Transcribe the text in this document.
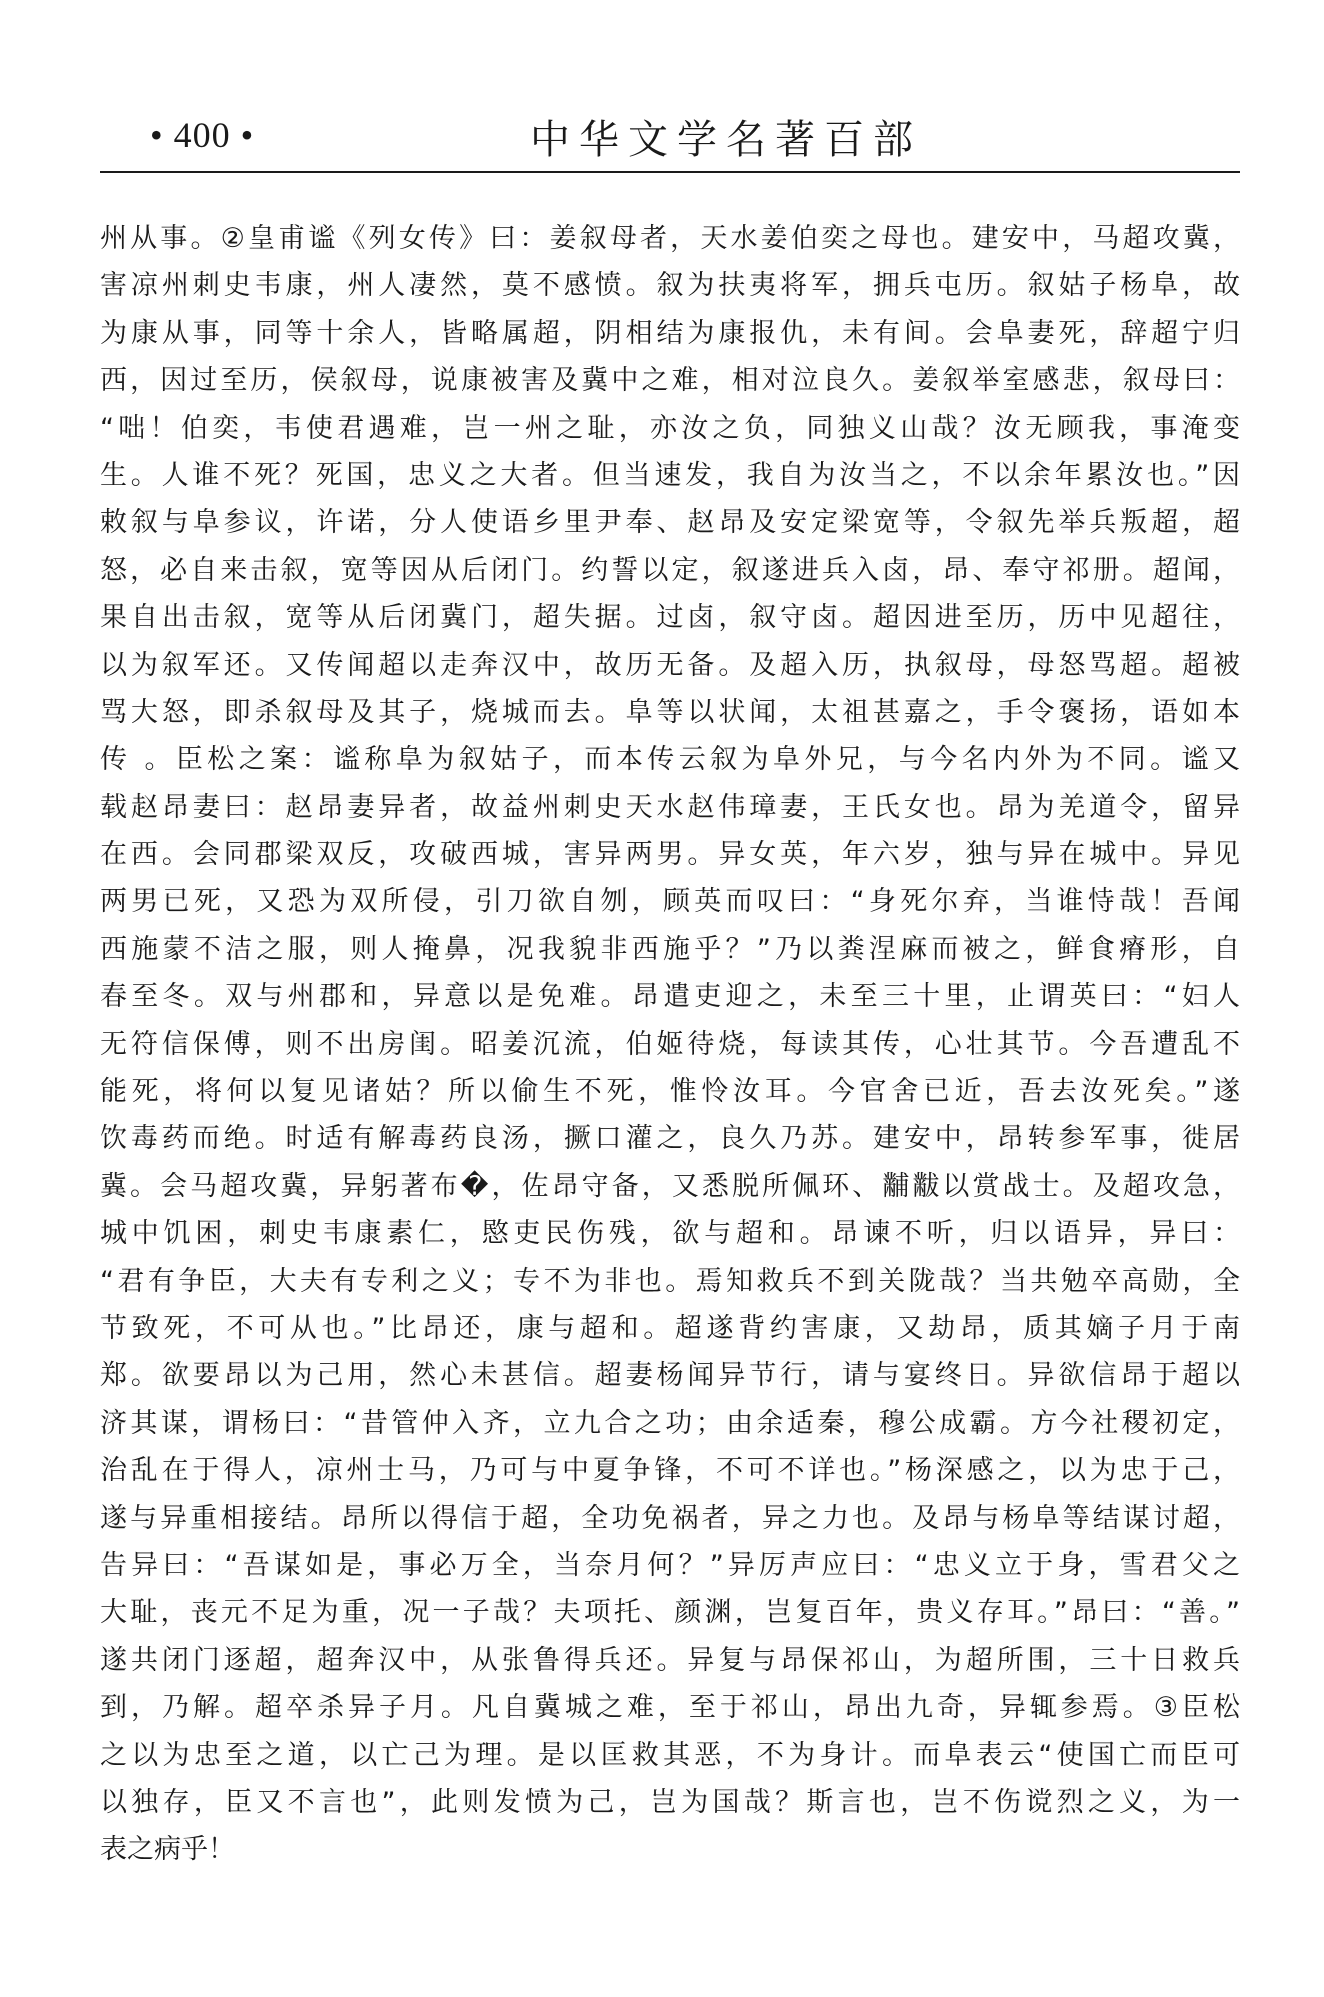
• 400 •	中华文学名著百部
州从事。②皇甫谧《列女传》曰：姜叙母者，天水姜伯奕之母也。建安中，马超攻冀，
害凉州刺史韦康，州人凄然，莫不感愤。叙为扶夷将军，拥兵屯历。叙姑子杨阜，故
为康从事，同等十余人，皆略属超，阴相结为康报仇，未有间。会阜妻死，辞超宁归
西，因过至历，侯叙母，说康被害及冀中之难，相对泣良久。姜叙举室感悲，叙母曰：
“咄！伯奕，韦使君遇难，岂一州之耻，亦汝之负，同独义山哉？汝无顾我，事淹变
生。人谁不死？死国，忠义之大者。但当速发，我自为汝当之，不以余年累汝也。”因
敕叙与阜参议，许诺，分人使语乡里尹奉、赵昂及安定梁宽等，令叙先举兵叛超，超
怒，必自来击叙，宽等因从后闭门。约誓以定，叙遂进兵入卤，昂、奉守祁册。超闻，
果自出击叙，宽等从后闭冀门，超失据。过卤，叙守卤。超因进至历，历中见超往，
以为叙军还。又传闻超以走奔汉中，故历无备。及超入历，执叙母，母怒骂超。超被
骂大怒，即杀叙母及其子，烧城而去。阜等以状闻，太祖甚嘉之，手令褒扬，语如本
传 。臣松之案：谧称阜为叙姑子，而本传云叙为阜外兄，与今名内外为不同。谧又
载赵昂妻曰：赵昂妻异者，故益州刺史天水赵伟璋妻，王氏女也。昂为羌道令，留异
在西。会同郡梁双反，攻破西城，害异两男。异女英，年六岁，独与异在城中。异见
两男已死，又恐为双所侵，引刀欲自刎，顾英而叹曰：“身死尔弃，当谁恃哉！吾闻
西施蒙不洁之服，则人掩鼻，况我貌非西施乎？”乃以粪涅麻而被之，鲜食瘠形，自
春至冬。双与州郡和，异意以是免难。昂遣吏迎之，未至三十里，止谓英曰：“妇人
无符信保傅，则不出房闺。昭姜沉流，伯姬待烧，每读其传，心壮其节。今吾遭乱不
能死，将何以复见诸姑？所以偷生不死，惟怜汝耳。今官舍已近，吾去汝死矣。”遂
饮毒药而绝。时适有解毒药良汤，撅口灌之，良久乃苏。建安中，昂转参军事，徙居
冀。会马超攻冀，异躬著布�，佐昂守备，又悉脱所佩环、黼黻以赏战士。及超攻急，
城中饥困，刺史韦康素仁，愍吏民伤残，欲与超和。昂谏不听，归以语异，异曰：
“君有争臣，大夫有专利之义；专不为非也。焉知救兵不到关陇哉？当共勉卒高勋，全
节致死，不可从也。”比昂还，康与超和。超遂背约害康，又劫昂，质其嫡子月于南
郑。欲要昂以为己用，然心未甚信。超妻杨闻异节行，请与宴终日。异欲信昂于超以
济其谋，谓杨曰：“昔管仲入齐，立九合之功；由余适秦，穆公成霸。方今社稷初定，
治乱在于得人，凉州士马，乃可与中夏争锋，不可不详也。”杨深感之，以为忠于己，
遂与异重相接结。昂所以得信于超，全功免祸者，异之力也。及昂与杨阜等结谋讨超，
告异曰：“吾谋如是，事必万全，当奈月何？”异厉声应曰：“忠义立于身，雪君父之
大耻，丧元不足为重，况一子哉？夫项托、颜渊，岂复百年，贵义存耳。”昂曰：“善。”
遂共闭门逐超，超奔汉中，从张鲁得兵还。异复与昂保祁山，为超所围，三十日救兵
到，乃解。超卒杀异子月。凡自冀城之难，至于祁山，昂出九奇，异辄参焉。③臣松
之以为忠至之道，以亡己为理。是以匡救其恶，不为身计。而阜表云“使国亡而臣可
以独存，臣又不言也”，此则发愤为己，岂为国哉？斯言也，岂不伤谠烈之义，为一
表之病乎！
